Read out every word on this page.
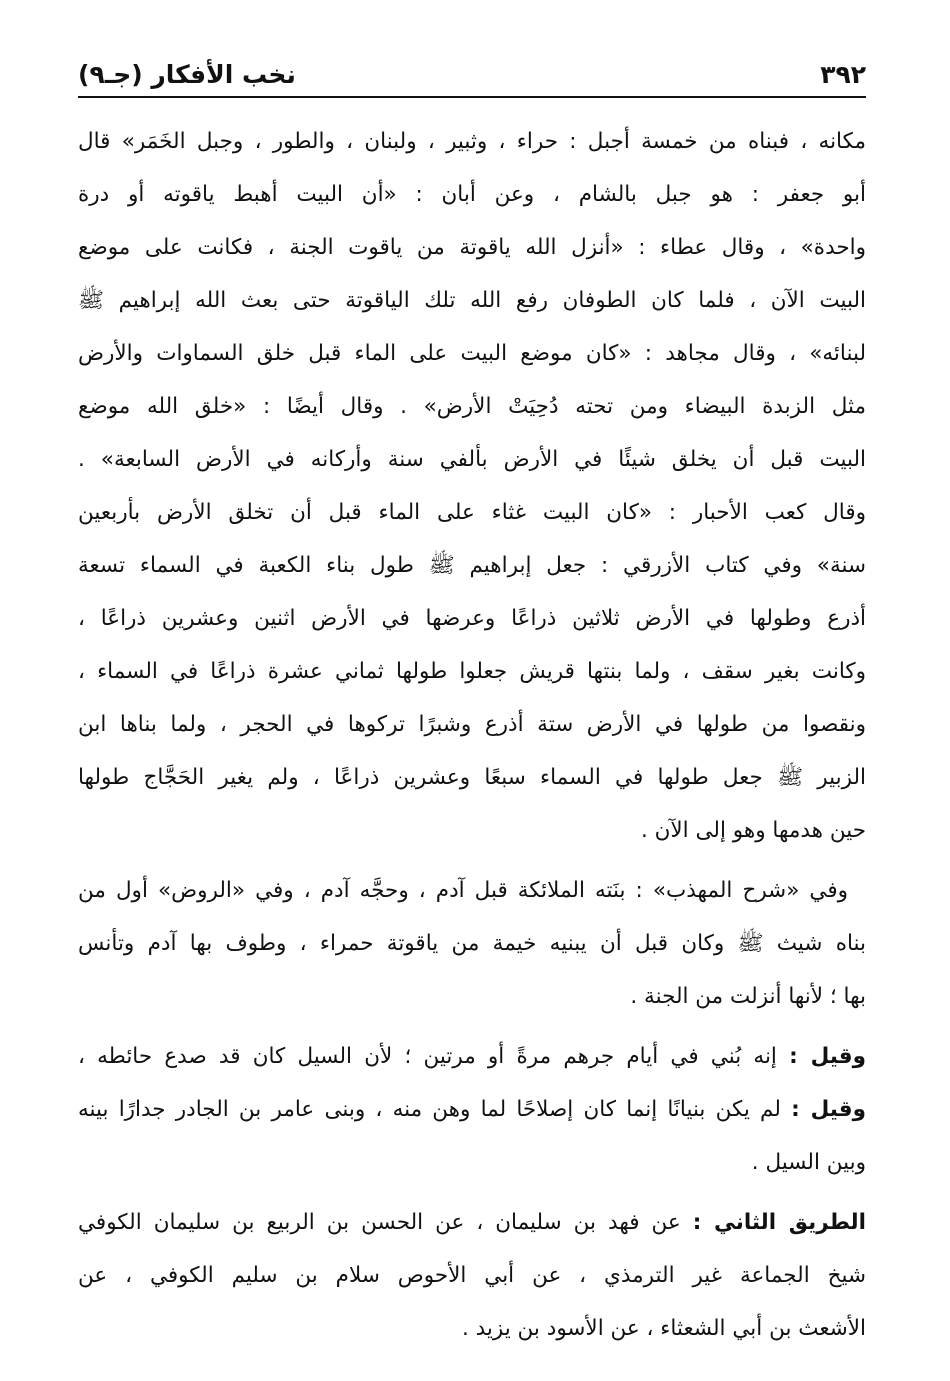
٣٩٢
نخب الأفكار (جـ٩)
مكانه ، فبناه من خمسة أجبل : حراء ، وثبير ، ولبنان ، والطور ، وجبل الخَمَر» قال
أبو جعفر : هو جبل بالشام ، وعن أبان : «أن البيت أهبط ياقوته أو درة
واحدة» ، وقال عطاء : «أنزل الله ياقوتة من ياقوت الجنة ، فكانت على موضع
البيت الآن ، فلما كان الطوفان رفع الله تلك الياقوتة حتى بعث الله إبراهيم ﷺ
لبنائه» ، وقال مجاهد : «كان موضع البيت على الماء قبل خلق السماوات والأرض
مثل الزبدة البيضاء ومن تحته دُحِيَتْ الأرض» . وقال أيضًا : «خلق الله موضع
البيت قبل أن يخلق شيئًا في الأرض بألفي سنة وأركانه في الأرض السابعة» .
وقال كعب الأحبار : «كان البيت غثاء على الماء قبل أن تخلق الأرض بأربعين
سنة» وفي كتاب الأزرقي : جعل إبراهيم ﷺ طول بناء الكعبة في السماء تسعة
أذرع وطولها في الأرض ثلاثين ذراعًا وعرضها في الأرض اثنين وعشرين ذراعًا ،
وكانت بغير سقف ، ولما بنتها قريش جعلوا طولها ثماني عشرة ذراعًا في السماء ،
ونقصوا من طولها في الأرض ستة أذرع وشبرًا تركوها في الحجر ، ولما بناها ابن
الزبير ﷺ جعل طولها في السماء سبعًا وعشرين ذراعًا ، ولم يغير الحَجَّاج طولها
حين هدمها وهو إلى الآن .
وفي «شرح المهذب» : بنَته الملائكة قبل آدم ، وحجَّه آدم ، وفي «الروض» أول من
بناه شيث ﷺ وكان قبل أن يبنيه خيمة من ياقوتة حمراء ، وطوف بها آدم وتأنس
بها ؛ لأنها أنزلت من الجنة .
وقيل : إنه بُني في أيام جرهم مرةً أو مرتين ؛ لأن السيل كان قد صدع حائطه ،
وقيل : لم يكن بنيانًا إنما كان إصلاحًا لما وهن منه ، وبنى عامر بن الجادر جدارًا بينه
وبين السيل .
الطريق الثاني : عن فهد بن سليمان ، عن الحسن بن الربيع بن سليمان الكوفي
شيخ الجماعة غير الترمذي ، عن أبي الأحوص سلام بن سليم الكوفي ، عن
الأشعث بن أبي الشعثاء ، عن الأسود بن يزيد .
